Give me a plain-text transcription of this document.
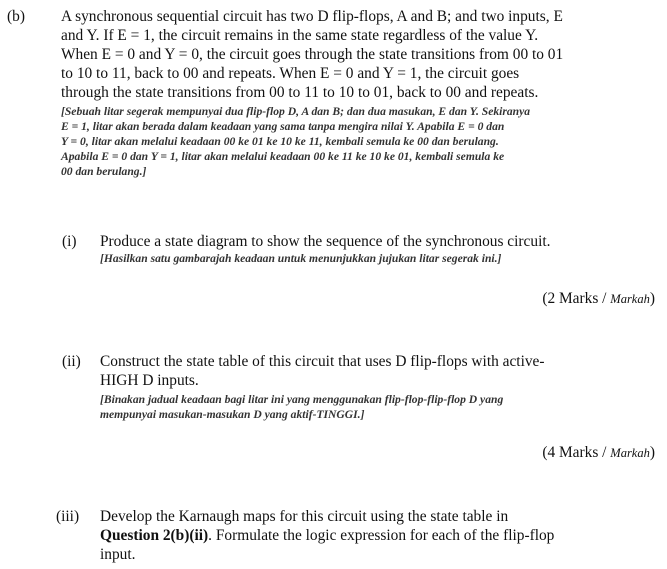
(b) A synchronous sequential circuit has two D flip-flops, A and B; and two inputs, E
and Y. If E = 1, the circuit remains in the same state regardless of the value Y.
When E = 0 and Y = 0, the circuit goes through the state transitions from 00 to 01
to 10 to 11, back to 00 and repeats. When E = 0 and Y = 1, the circuit goes
through the state transitions from 00 to 11 to 10 to 01, back to 00 and repeats.
[Sebuah litar segerak mempunyai dua flip-flop D, A dan B; dan dua masukan, E dan Y. Sekiranya
E = 1, litar akan berada dalam keadaan yang sama tanpa mengira nilai Y. Apabila E = 0 dan
Y = 0, litar akan melalui keadaan 00 ke 01 ke 10 ke 11, kembali semula ke 00 dan berulang.
Apabila E = 0 dan Y = 1, litar akan melalui keadaan 00 ke 11 ke 10 ke 01, kembali semula ke
00 dan berulang.]
(i) Produce a state diagram to show the sequence of the synchronous circuit.
[Hasilkan satu gambarajah keadaan untuk menunjukkan jujukan litar segerak ini.]
(2 Marks / Markah)
(ii) Construct the state table of this circuit that uses D flip-flops with active-
HIGH D inputs.
[Binakan jadual keadaan bagi litar ini yang menggunakan flip-flop-flip-flop D yang
mempunyai masukan-masukan D yang aktif-TINGGI.]
(4 Marks / Markah)
(iii) Develop the Karnaugh maps for this circuit using the state table in
Question 2(b)(ii). Formulate the logic expression for each of the flip-flop
input.
